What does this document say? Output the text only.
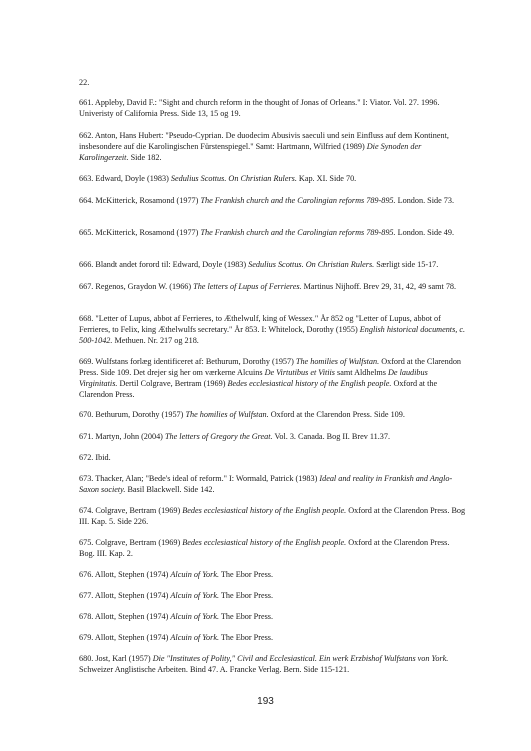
22.

661. Appleby, David F.: "Sight and church reform in the thought of Jonas of Orleans." I: Viator. Vol. 27. 1996. Univeristy of California Press. Side 13, 15 og 19.

662. Anton, Hans Hubert: "Pseudo-Cyprian. De duodecim Abusivis saeculi und sein Einfluss auf dem Kontinent, insbesondere auf die Karolingischen Fürstenspiegel." Samt: Hartmann, Wilfried (1989) Die Synoden der Karolingerzeit. Side 182.

663. Edward, Doyle (1983) Sedulius Scottus. On Christian Rulers. Kap. XI. Side 70.

664. McKitterick, Rosamond (1977) The Frankish church and the Carolingian reforms 789-895. London. Side 73.

665. McKitterick, Rosamond (1977) The Frankish church and the Carolingian reforms 789-895. London. Side 49.

666. Blandt andet forord til: Edward, Doyle (1983) Sedulius Scottus. On Christian Rulers. Særligt side 15-17.

667. Regenos, Graydon W. (1966) The letters of Lupus of Ferrieres. Martinus Nijhoff. Brev 29, 31, 42, 49 samt 78.

668. "Letter of Lupus, abbot af Ferrieres, to Æthelwulf, king of Wessex." År 852 og "Letter of Lupus, abbot of Ferrieres, to Felix, king Æthelwulfs secretary." År 853. I: Whitelock, Dorothy (1955) English historical documents, c. 500-1042. Methuen. Nr. 217 og 218.

669. Wulfstans forlæg identificeret af: Bethurum, Dorothy (1957) The homilies of Wulfstan. Oxford at the Clarendon Press. Side 109. Det drejer sig her om værkerne Alcuins De Virtutibus et Vitiis samt Aldhelms De laudibus Virginitatis. Dertil Colgrave, Bertram (1969) Bedes ecclesiastical history of the English people. Oxford at the Clarendon Press.

670. Bethurum, Dorothy (1957) The homilies of Wulfstan. Oxford at the Clarendon Press. Side 109.

671. Martyn, John (2004) The letters of Gregory the Great. Vol. 3. Canada. Bog II. Brev 11.37.

672. Ibid.

673. Thacker, Alan; "Bede's ideal of reform." I: Wormald, Patrick (1983) Ideal and reality in Frankish and Anglo-Saxon society. Basil Blackwell. Side 142.

674. Colgrave, Bertram (1969) Bedes ecclesiastical history of the English people. Oxford at the Clarendon Press. Bog III. Kap. 5. Side 226.

675. Colgrave, Bertram (1969) Bedes ecclesiastical history of the English people. Oxford at the Clarendon Press. Bog. III. Kap. 2.

676. Allott, Stephen (1974) Alcuin of York. The Ebor Press.

677. Allott, Stephen (1974) Alcuin of York. The Ebor Press.

678. Allott, Stephen (1974) Alcuin of York. The Ebor Press.

679. Allott, Stephen (1974) Alcuin of York. The Ebor Press.

680. Jost, Karl (1957) Die "Institutes of Polity," Civil and Ecclesiastical. Ein werk Erzbishof Wulfstans von York. Schweizer Anglistische Arbeiten. Bind 47. A. Francke Verlag. Bern. Side 115-121.

193
